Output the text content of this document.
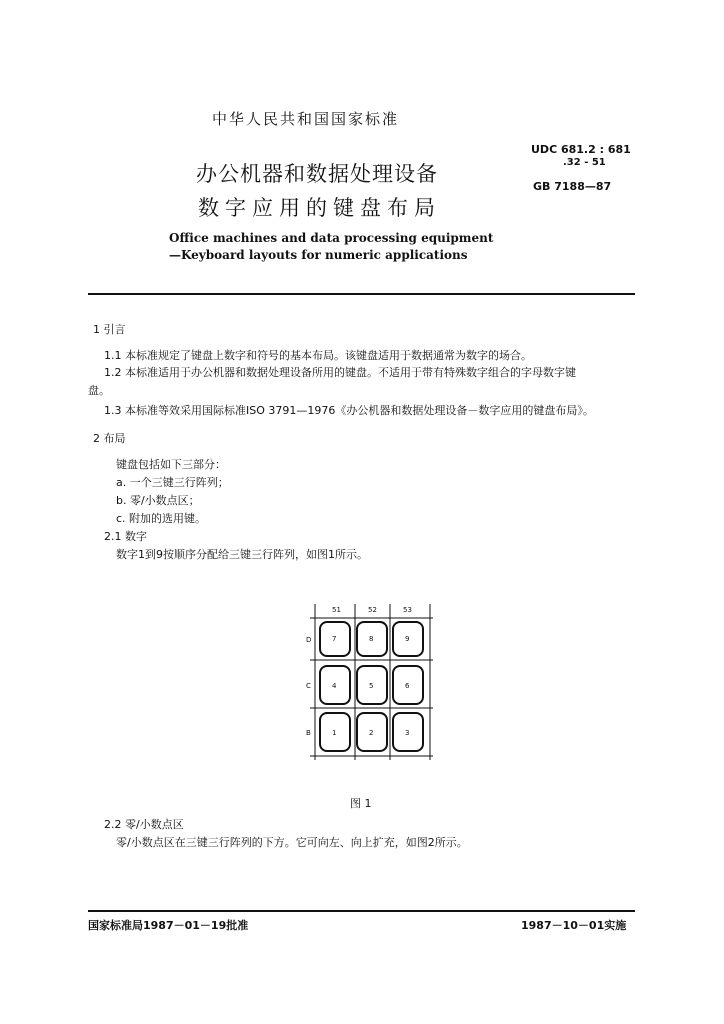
中华人民共和国国家标准
办公机器和数据处理设备
数字应用的键盘布局
Office machines and data processing equipment
—Keyboard layouts for numeric applications
UDC 681.2 : 681
.32 - 51
GB 7188—87
1 引言
1.1 本标准规定了键盘上数字和符号的基本布局。该键盘适用于数据通常为数字的场合。
1.2 本标准适用于办公机器和数据处理设备所用的键盘。不适用于带有特殊数字组合的字母数字键
盘。
1.3 本标准等效采用国际标准ISO 3791—1976《办公机器和数据处理设备－数字应用的键盘布局》。
2 布局
键盘包括如下三部分：
a. 一个三键三行阵列；
b. 零/小数点区；
c. 附加的选用键。
2.1 数字
数字1到9按顺序分配给三键三行阵列，如图1所示。
51	52	53
D
C
B
7	8	9
4	5	6
1	2	3
图 1
2.2 零/小数点区
零/小数点区在三键三行阵列的下方。它可向左、向上扩充，如图2所示。
国家标准局1987－01－19批准	1987－10－01实施
